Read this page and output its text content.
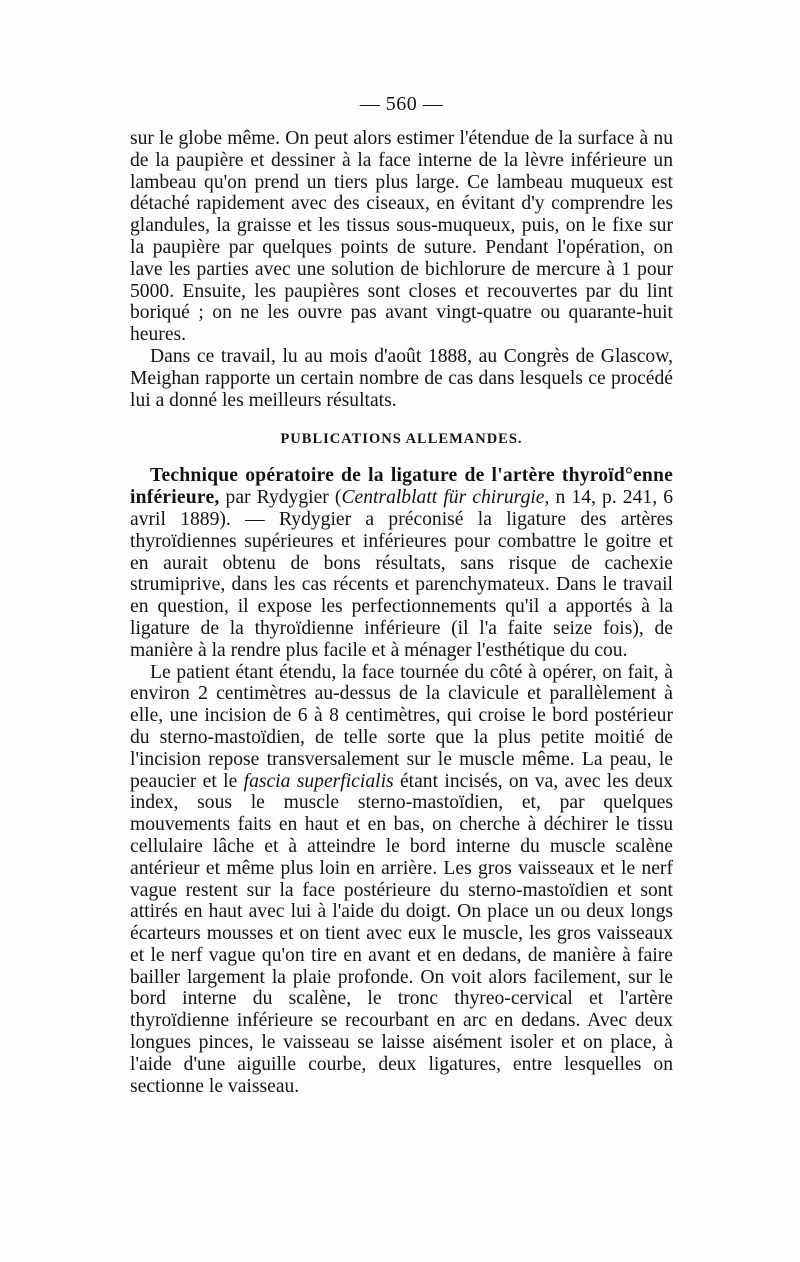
— 560 —

sur le globe même. On peut alors estimer l'étendue de la surface à nu de la paupière et dessiner à la face interne de la lèvre inférieure un lambeau qu'on prend un tiers plus large. Ce lambeau muqueux est détaché rapidement avec des ciseaux, en évitant d'y comprendre les glandules, la graisse et les tissus sous-muqueux, puis, on le fixe sur la paupière par quelques points de suture. Pendant l'opération, on lave les parties avec une solution de bichlorure de mercure à 1 pour 5000. Ensuite, les paupières sont closes et recouvertes par du lint boriqué ; on ne les ouvre pas avant vingt-quatre ou quarante-huit heures.

Dans ce travail, lu au mois d'août 1888, au Congrès de Glascow, Meighan rapporte un certain nombre de cas dans lesquels ce procédé lui a donné les meilleurs résultats.

PUBLICATIONS ALLEMANDES.

Technique opératoire de la ligature de l'artère thyroïd°enne inférieure, par Rydygier (Centralblatt für chirurgie, n 14, p. 241, 6 avril 1889). — Rydygier a préconisé la ligature des artères thyroïdiennes supérieures et inférieures pour combattre le goitre et en aurait obtenu de bons résultats, sans risque de cachexie strumiprive, dans les cas récents et parenchymateux. Dans le travail en question, il expose les perfectionnements qu'il a apportés à la ligature de la thyroïdienne inférieure (il l'a faite seize fois), de manière à la rendre plus facile et à ménager l'esthétique du cou.

Le patient étant étendu, la face tournée du côté à opérer, on fait, à environ 2 centimètres au-dessus de la clavicule et parallèlement à elle, une incision de 6 à 8 centimètres, qui croise le bord postérieur du sterno-mastoïdien, de telle sorte que la plus petite moitié de l'incision repose transversalement sur le muscle même. La peau, le peaucier et le fascia superficialis étant incisés, on va, avec les deux index, sous le muscle sterno-mastoïdien, et, par quelques mouvements faits en haut et en bas, on cherche à déchirer le tissu cellulaire lâche et à atteindre le bord interne du muscle scalène antérieur et même plus loin en arrière. Les gros vaisseaux et le nerf vague restent sur la face postérieure du sterno-mastoïdien et sont attirés en haut avec lui à l'aide du doigt. On place un ou deux longs écarteurs mousses et on tient avec eux le muscle, les gros vaisseaux et le nerf vague qu'on tire en avant et en dedans, de manière à faire bailler largement la plaie profonde. On voit alors facilement, sur le bord interne du scalène, le tronc thyreo-cervical et l'artère thyroïdienne inférieure se recourbant en arc en dedans. Avec deux longues pinces, le vaisseau se laisse aisément isoler et on place, à l'aide d'une aiguille courbe, deux ligatures, entre lesquelles on sectionne le vaisseau.
